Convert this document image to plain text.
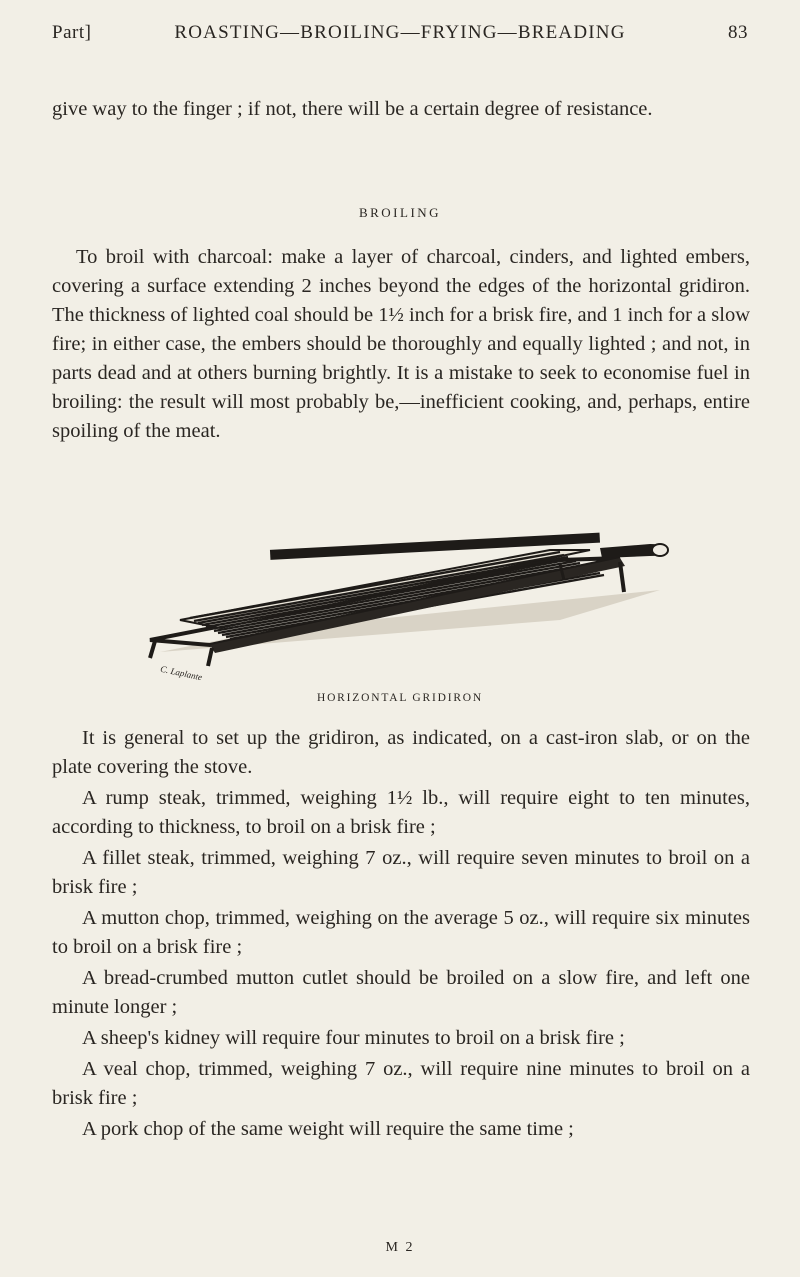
Part]	ROASTING—BROILING—FRYING—BREADING	83

give way to the finger ; if not, there will be a certain degree of resistance.

BROILING

To broil with charcoal: make a layer of charcoal, cinders, and lighted embers, covering a surface extending 2 inches beyond the edges of the horizontal gridiron. The thickness of lighted coal should be 1½ inch for a brisk fire, and 1 inch for a slow fire; in either case, the embers should be thoroughly and equally lighted ; and not, in parts dead and at others burning brightly. It is a mistake to seek to economise fuel in broiling: the result will most probably be,—inefficient cooking, and, perhaps, entire spoiling of the meat.

C. Laplante
HORIZONTAL GRIDIRON

It is general to set up the gridiron, as indicated, on a cast-iron slab, or on the plate covering the stove.

A rump steak, trimmed, weighing 1½ lb., will require eight to ten minutes, according to thickness, to broil on a brisk fire ;

A fillet steak, trimmed, weighing 7 oz., will require seven minutes to broil on a brisk fire ;

A mutton chop, trimmed, weighing on the average 5 oz., will require six minutes to broil on a brisk fire ;

A bread-crumbed mutton cutlet should be broiled on a slow fire, and left one minute longer ;

A sheep's kidney will require four minutes to broil on a brisk fire ;

A veal chop, trimmed, weighing 7 oz., will require nine minutes to broil on a brisk fire ;

A pork chop of the same weight will require the same time ;

M 2
